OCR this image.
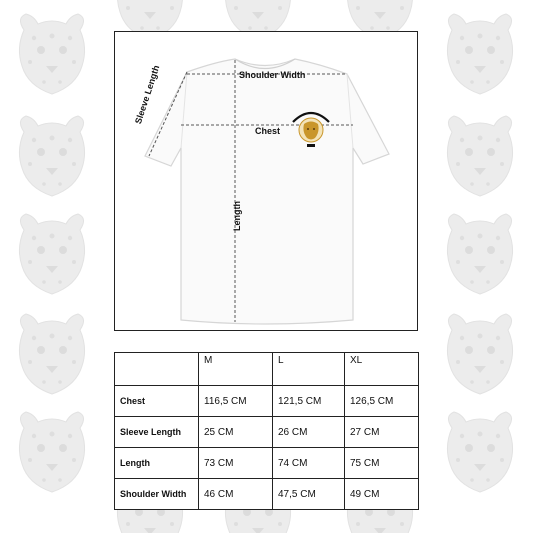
Shoulder Width
Chest
Sleeve Length
Length
	M	L	XL
Chest	116,5 CM	121,5 CM	126,5 CM
Sleeve Length	25 CM	26 CM	27 CM
Length	73 CM	74 CM	75 CM
Shoulder Width	46 CM	47,5 CM	49 CM
